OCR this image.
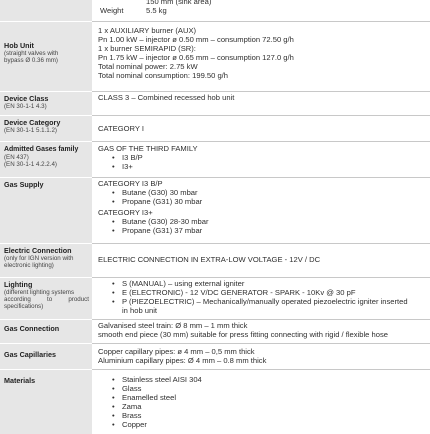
150 mm (sink area)
Weight	5.5 kg
Hob Unit
(straight valves with
bypass Ø 0.36 mm)
1 x AUXILIARY burner (AUX)
Pn 1.00 kW – injector ø 0.50 mm – consumption 72.50 g/h
1 x burner SEMIRAPID (SR):
Pn 1.75 kW – injector ø 0.65 mm – consumption 127.0 g/h
Total nominal power: 2.75 kW
Total nominal consumption: 199.50 g/h
Device Class
(EN 30-1-1 4.3)
CLASS 3 – Combined recessed hob unit
Device Category
(EN 30-1-1 5.1.1.2)	CATEGORY I
Admitted Gases family
(EN 437)
(EN 30-1-1 4.2.2.4)
GAS OF THE THIRD FAMILY
• I3 B/P
• I3+
Gas Supply	CATEGORY I3 B/P
• Butane (G30) 30 mbar
• Propane (G31) 30 mbar
CATEGORY I3+
• Butane (G30) 28-30 mbar
• Propane (G31) 37 mbar
Electric Connection
(only for IGN version with
electronic lighting)
ELECTRIC CONNECTION IN EXTRA-LOW VOLTAGE - 12V / DC
Lighting
(different lighting systems
according to product
specifications)
• S (MANUAL) – using external igniter
• E (ELECTRONIC) - 12 V/DC GENERATOR - SPARK - 10Kv @ 30 pF
• P (PIEZOELECTRIC) – Mechanically/manually operated piezoelectric igniter inserted
in hob unit
Gas Connection	Galvanised steel train: Ø 8 mm – 1 mm thick
smooth end piece (30 mm) suitable for press fitting connecting with rigid / flexible hose
Gas Capillaries	Copper capillary pipes: ø 4 mm – 0,5 mm thick
Aluminium capillary pipes: Ø 4 mm – 0.8 mm thick
Materials
•	Stainless steel AISI 304
• Glass
• Enamelled steel
• Zama
• Brass
• Copper
